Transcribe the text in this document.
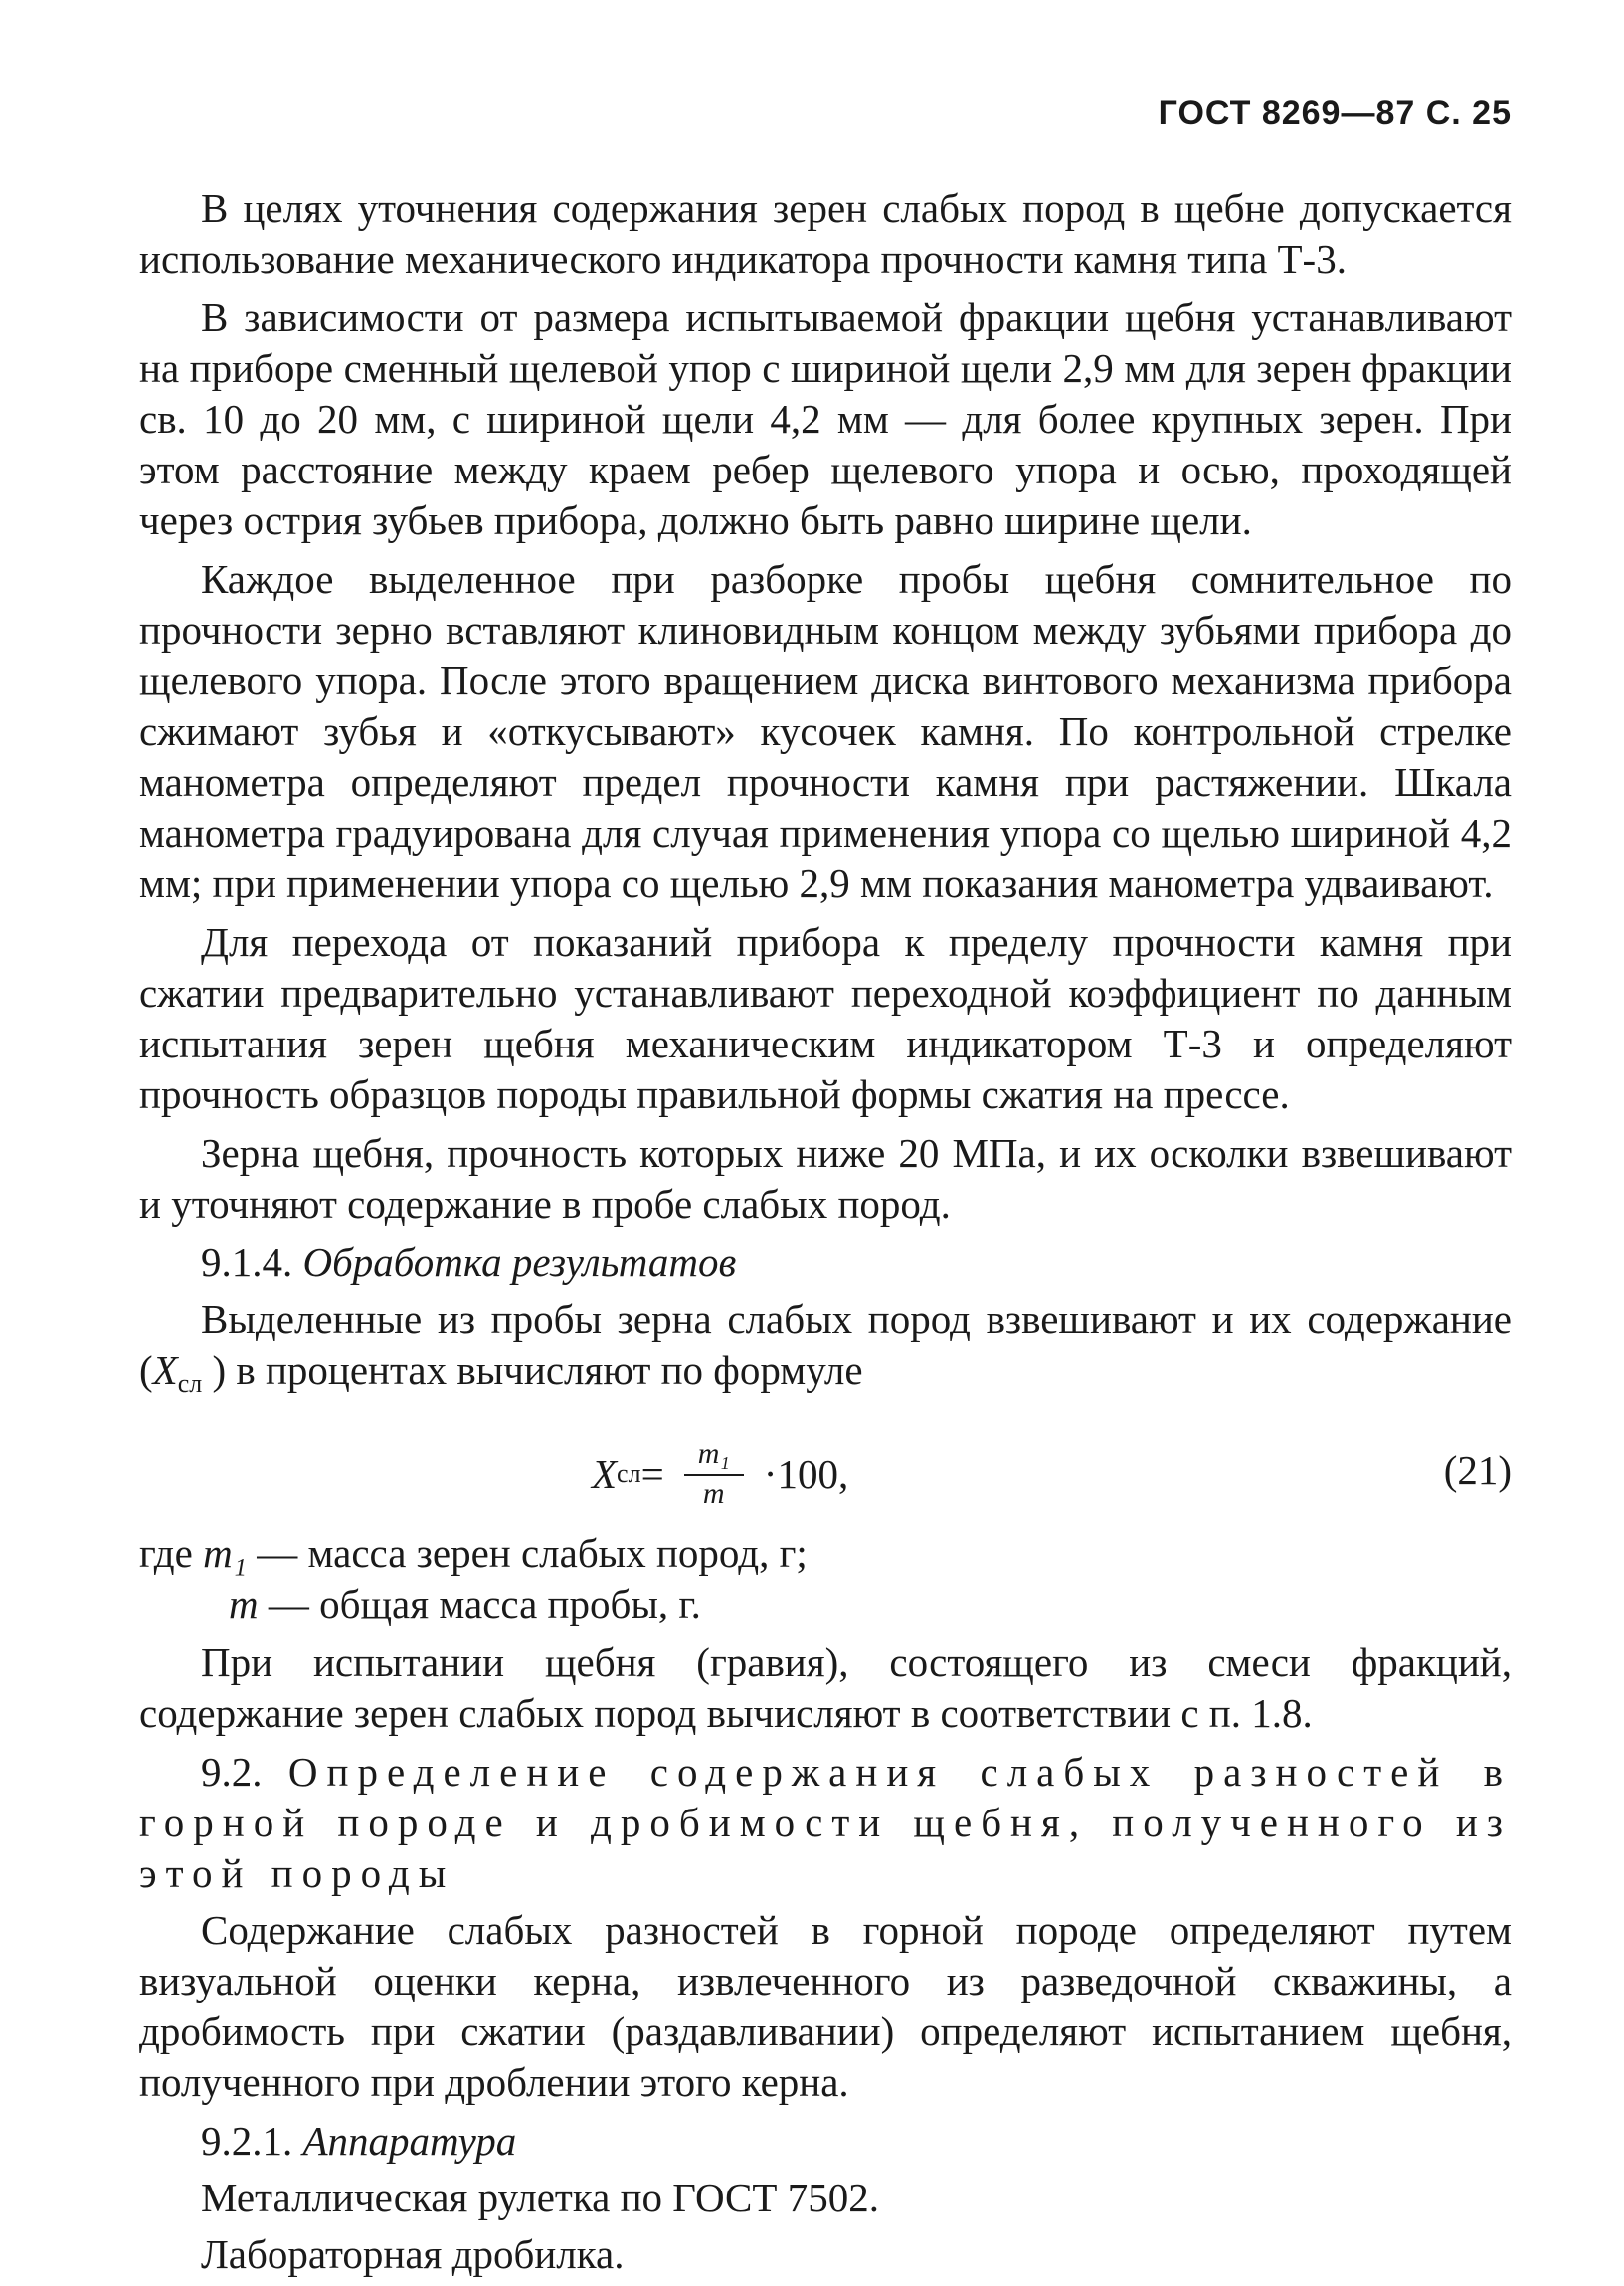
ГОСТ 8269—87 С. 25

В целях уточнения содержания зерен слабых пород в щебне допускается использование механического индикатора прочности камня типа Т-3.

В зависимости от размера испытываемой фракции щебня устанавливают на приборе сменный щелевой упор с шириной щели 2,9 мм для зерен фракции св. 10 до 20 мм, с шириной щели 4,2 мм — для более крупных зерен. При этом расстояние между краем ребер щелевого упора и осью, проходящей через острия зубьев прибора, должно быть равно ширине щели.

Каждое выделенное при разборке пробы щебня сомнительное по прочности зерно вставляют клиновидным концом между зубьями прибора до щелевого упора. После этого вращением диска винтового механизма прибора сжимают зубья и «откусывают» кусочек камня. По контрольной стрелке манометра определяют предел прочности камня при растяжении. Шкала манометра градуирована для случая применения упора со щелью шириной 4,2 мм; при применении упора со щелью 2,9 мм показания манометра удваивают.

Для перехода от показаний прибора к пределу прочности камня при сжатии предварительно устанавливают переходной коэффициент по данным испытания зерен щебня механическим индикатором Т-3 и определяют прочность образцов породы правильной формы сжатия на прессе.

Зерна щебня, прочность которых ниже 20 МПа, и их осколки взвешивают и уточняют содержание в пробе слабых пород.

9.1.4. Обработка результатов

Выделенные из пробы зерна слабых пород взвешивают и их содержание ($X_{сл}$ ) в процентах вычисляют по формуле

X сл = $\frac{\text{m₁}}{m} \cdot 100$,	(21)

где m₁ — масса зерен слабых пород, г;

m — общая масса пробы, г.

При испытании щебня (гравия), состоящего из смеси фракций, содержание зерен слабых пород вычисляют в соответствии с п. 1.8.

9.2. Определение содержания слабых разностей в горной породе и дробимости щебня, полученного из этой породы

Содержание слабых разностей в горной породе определяют путем визуальной оценки керна, извлеченного из разведочной скважины, а дробимость при сжатии (раздавливании) определяют испытанием щебня, полученного при дроблении этого керна.

9.2.1. Аппаратура

Металлическая рулетка по ГОСТ 7502.

Лабораторная дробилка.
